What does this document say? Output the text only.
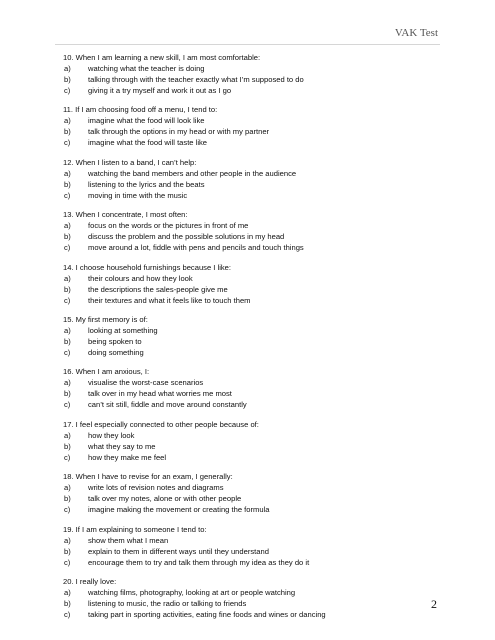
VAK Test
10. When I am learning a new skill, I am most comfortable:
a)	watching what the teacher is doing
b)	talking through with the teacher exactly what I’m supposed to do
c)	giving it a try myself and work it out as I go
11. If I am choosing food off a menu, I tend to:
a)	imagine what the food will look like
b)	talk through the options in my head or with my partner
c)	imagine what the food will taste like
12. When I listen to a band, I can’t help:
a)	watching the band members and other people in the audience
b)	listening to the lyrics and the beats
c)	moving in time with the music
13. When I concentrate, I most often:
a)	focus on the words or the pictures in front of me
b)	discuss the problem and the possible solutions in my head
c)	move around a lot, fiddle with pens and pencils and touch things
14. I choose household furnishings because I like:
a)	their colours and how they look
b)	the descriptions the sales-people give me
c)	their textures and what it feels like to touch them
15. My first memory is of:
a)	looking at something
b)	being spoken to
c)	doing something
16. When I am anxious, I:
a)	visualise the worst-case scenarios
b)	talk over in my head what worries me most
c)	can’t sit still, fiddle and move around constantly
17. I feel especially connected to other people because of:
a)	how they look
b)	what they say to me
c)	how they make me feel
18. When I have to revise for an exam, I generally:
a)	write lots of revision notes and diagrams
b)	talk over my notes, alone or with other people
c)	imagine making the movement or creating the formula
19. If I am explaining to someone I tend to:
a)	show them what I mean
b)	explain to them in different ways until they understand
c)	encourage them to try and talk them through my idea as they do it
20. I really love:
a)	watching films, photography, looking at art or people watching
b)	listening to music, the radio or talking to friends
c)	taking part in sporting activities, eating fine foods and wines or dancing
2
